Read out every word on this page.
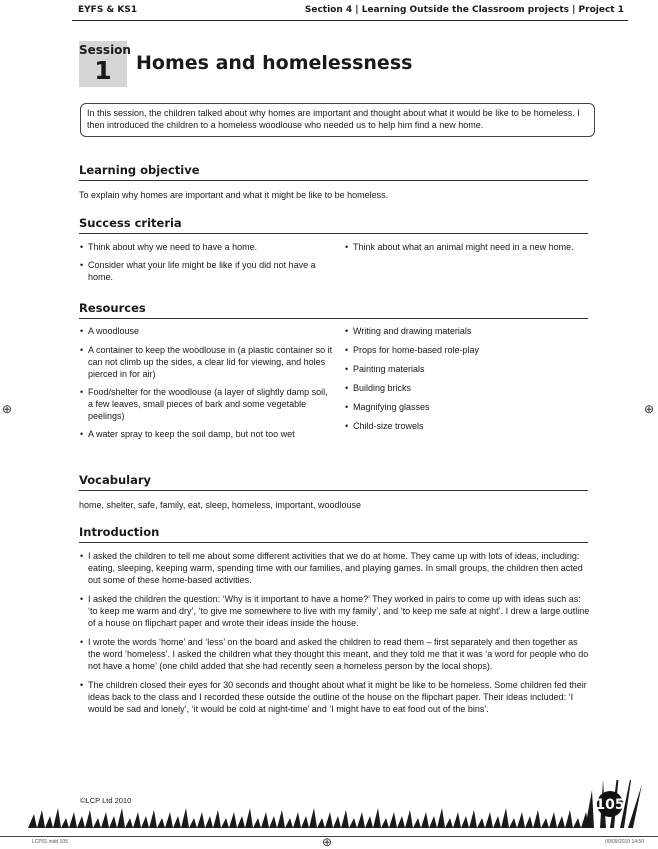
EYFS & KS1	Section 4 | Learning Outside the Classroom projects | Project 1
Session
1	Homes and homelessness
In this session, the children talked about why homes are important and thought about what it would be like to be homeless. I then introduced the children to a homeless woodlouse who needed us to help him find a new home.
Learning objective
To explain why homes are important and what it might be like to be homeless.
Success criteria
• Think about why we need to have a home.
• Consider what your life might be like if you did not have a home.
• Think about what an animal might need in a new home.
Resources
• A woodlouse
• A container to keep the woodlouse in (a plastic container so it can not climb up the sides, a clear lid for viewing, and holes pierced in for air)
• Food/shelter for the woodlouse (a layer of slightly damp soil, a few leaves, small pieces of bark and some vegetable peelings)
• A water spray to keep the soil damp, but not too wet
• Writing and drawing materials
• Props for home-based role-play
• Painting materials
• Building bricks
• Magnifying glasses
• Child-size trowels
Vocabulary
home, shelter, safe, family, eat, sleep, homeless, important, woodlouse
Introduction
• I asked the children to tell me about some different activities that we do at home. They came up with lots of ideas, including: eating, sleeping, keeping warm, spending time with our families, and playing games. In small groups, the children then acted out some of these home-based activities.
• I asked the children the question: ‘Why is it important to have a home?’ They worked in pairs to come up with ideas such as: ‘to keep me warm and dry’, ‘to give me somewhere to live with my family’, and ‘to keep me safe at night’. I drew a large outline of a house on flipchart paper and wrote their ideas inside the house.
• I wrote the words ‘home’ and ‘less’ on the board and asked the children to read them – first separately and then together as the word ‘homeless’. I asked the children what they thought this meant, and they told me that it was ‘a word for people who do not have a home’ (one child added that she had recently seen a homeless person by the local shops).
• The children closed their eyes for 30 seconds and thought about what it might be like to be homeless. Some children fed their ideas back to the class and I recorded these outside the outline of the house on the flipchart paper. Their ideas included: ‘I would be sad and lonely’, ‘it would be cold at night-time’ and ‘I might have to eat food out of the bins’.
105
©LCP Ltd 2010
LCP01.indd 105	09/09/2010 14:50
⊕	⊕
⊕
